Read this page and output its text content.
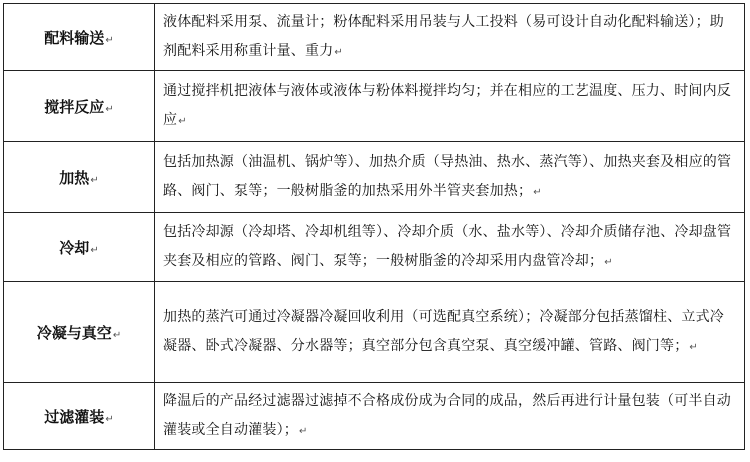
配料输送↵	液体配料采用泵、流量计；粉体配料采用吊装与人工投料（易可设计自动化配料输送）；助剂配料采用称重计量、重力↵
搅拌反应↵	通过搅拌机把液体与液体或液体与粉体料搅拌均匀；并在相应的工艺温度、压力、时间内反应↵
加热↵	包括加热源（油温机、锅炉等）、加热介质（导热油、热水、蒸汽等）、加热夹套及相应的管路、阀门、泵等；一般树脂釜的加热采用外半管夹套加热；↵
冷却↵	包括冷却源（冷却塔、冷却机组等）、冷却介质（水、盐水等）、冷却介质储存池、冷却盘管夹套及相应的管路、阀门、泵等；一般树脂釜的冷却采用内盘管冷却；↵
冷凝与真空↵	加热的蒸汽可通过冷凝器冷凝回收利用（可选配真空系统）；冷凝部分包括蒸馏柱、立式冷凝器、卧式冷凝器、分水器等；真空部分包含真空泵、真空缓冲罐、管路、阀门等；↵
过滤灌装↵	降温后的产品经过滤器过滤掉不合格成份成为合同的成品，然后再进行计量包装（可半自动灌装或全自动灌装）；↵
